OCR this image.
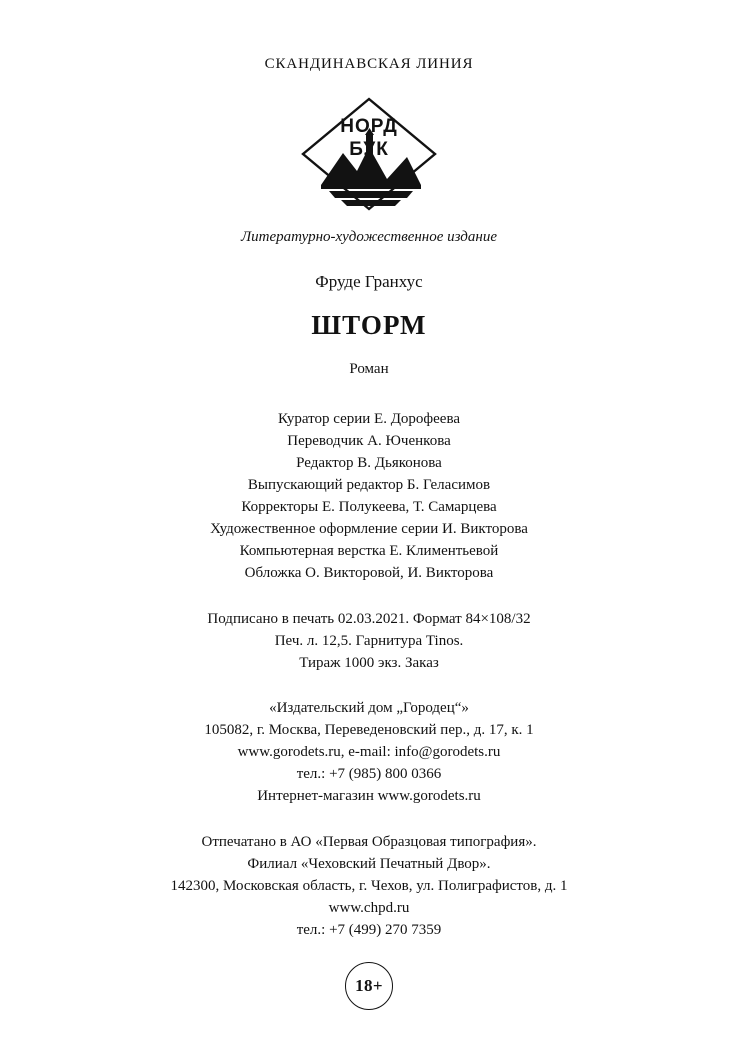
СКАНДИНАВСКАЯ ЛИНИЯ
НОРД
БУК
Литературно-художественное издание
Фруде Гранхус
ШТОРМ
Роман
Куратор серии Е. Дорофеева
Переводчик А. Юченкова
Редактор В. Дьяконова
Выпускающий редактор Б. Геласимов
Корректоры Е. Полукеева, Т. Самарцева
Художественное оформление серии И. Викторова
Компьютерная верстка Е. Климентьевой
Обложка О. Викторовой, И. Викторова
Подписано в печать 02.03.2021. Формат 84×108/32
Печ. л. 12,5. Гарнитура Tinos.
Тираж 1000 экз. Заказ
«Издательский дом „Городец“»
105082, г. Москва, Переведеновский пер., д. 17, к. 1
www.gorodets.ru, e-mail: info@gorodets.ru
тел.: +7 (985) 800 0366
Интернет-магазин www.gorodets.ru
Отпечатано в АО «Первая Образцовая типография».
Филиал «Чеховский Печатный Двор».
142300, Московская область, г. Чехов, ул. Полиграфистов, д. 1
www.chpd.ru
тел.: +7 (499) 270 7359
18+
